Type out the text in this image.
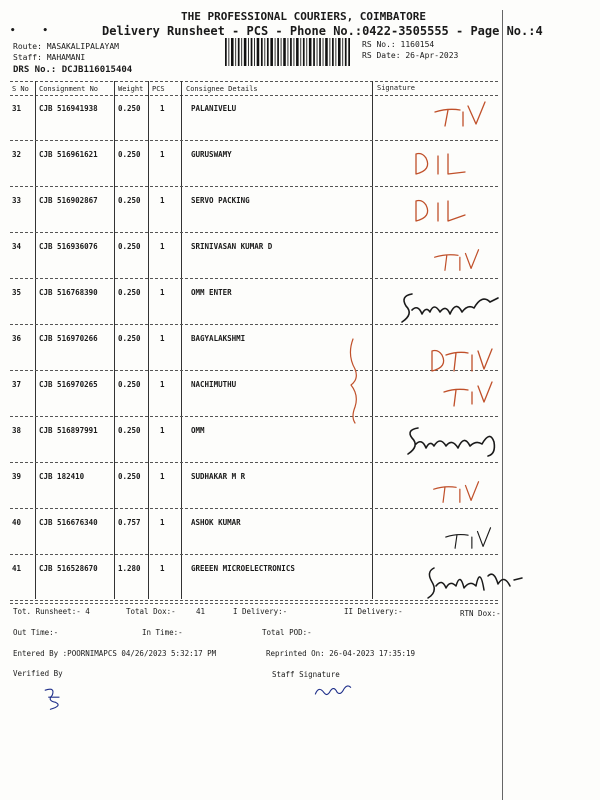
THE PROFESSIONAL COURIERS, COIMBATORE
Delivery Runsheet - PCS - Phone No.:0422-3505555 - Page No.:4
•     •
Route: MASAKALIPALAYAM
Staff: MAHAMANI
DRS No.: DCJB116015404
RS No.: 1160154
RS Date: 26-Apr-2023
S No Consignment No	Weight PCS	Consignee Details	Signature
31 CJB 516941938	0.250	1	PALANIVELU
32 CJB 516961621	0.250	1	GURUSWAMY
33 CJB 516902867	0.250	1	SERVO PACKING
34 CJB 516936076	0.250	1	SRINIVASAN KUMAR D
35 CJB 516768390	0.250	1	OMM ENTER
36 CJB 516970266	0.250	1	BAGYALAKSHMI
37 CJB 516970265	0.250	1	NACHIMUTHU
38 CJB 516897991	0.250	1	OMM
39 CJB 182410	0.250	1	SUDHAKAR M R
40 CJB 516676340	0.757	1	ASHOK KUMAR
41 CJB 516528670	1.280	1	GREEEN MICROELECTRONICS
Tot. Runsheet:- 4	Total Dox:-	41	I Delivery:-	II Delivery:-	RTN Dox:-
Out Time:-	In Time:-	Total POD:-
Entered By :POORNIMAPCS 04/26/2023 5:32:17 PM	Reprinted On: 26-04-2023 17:35:19
Verified By	Staff Signature
